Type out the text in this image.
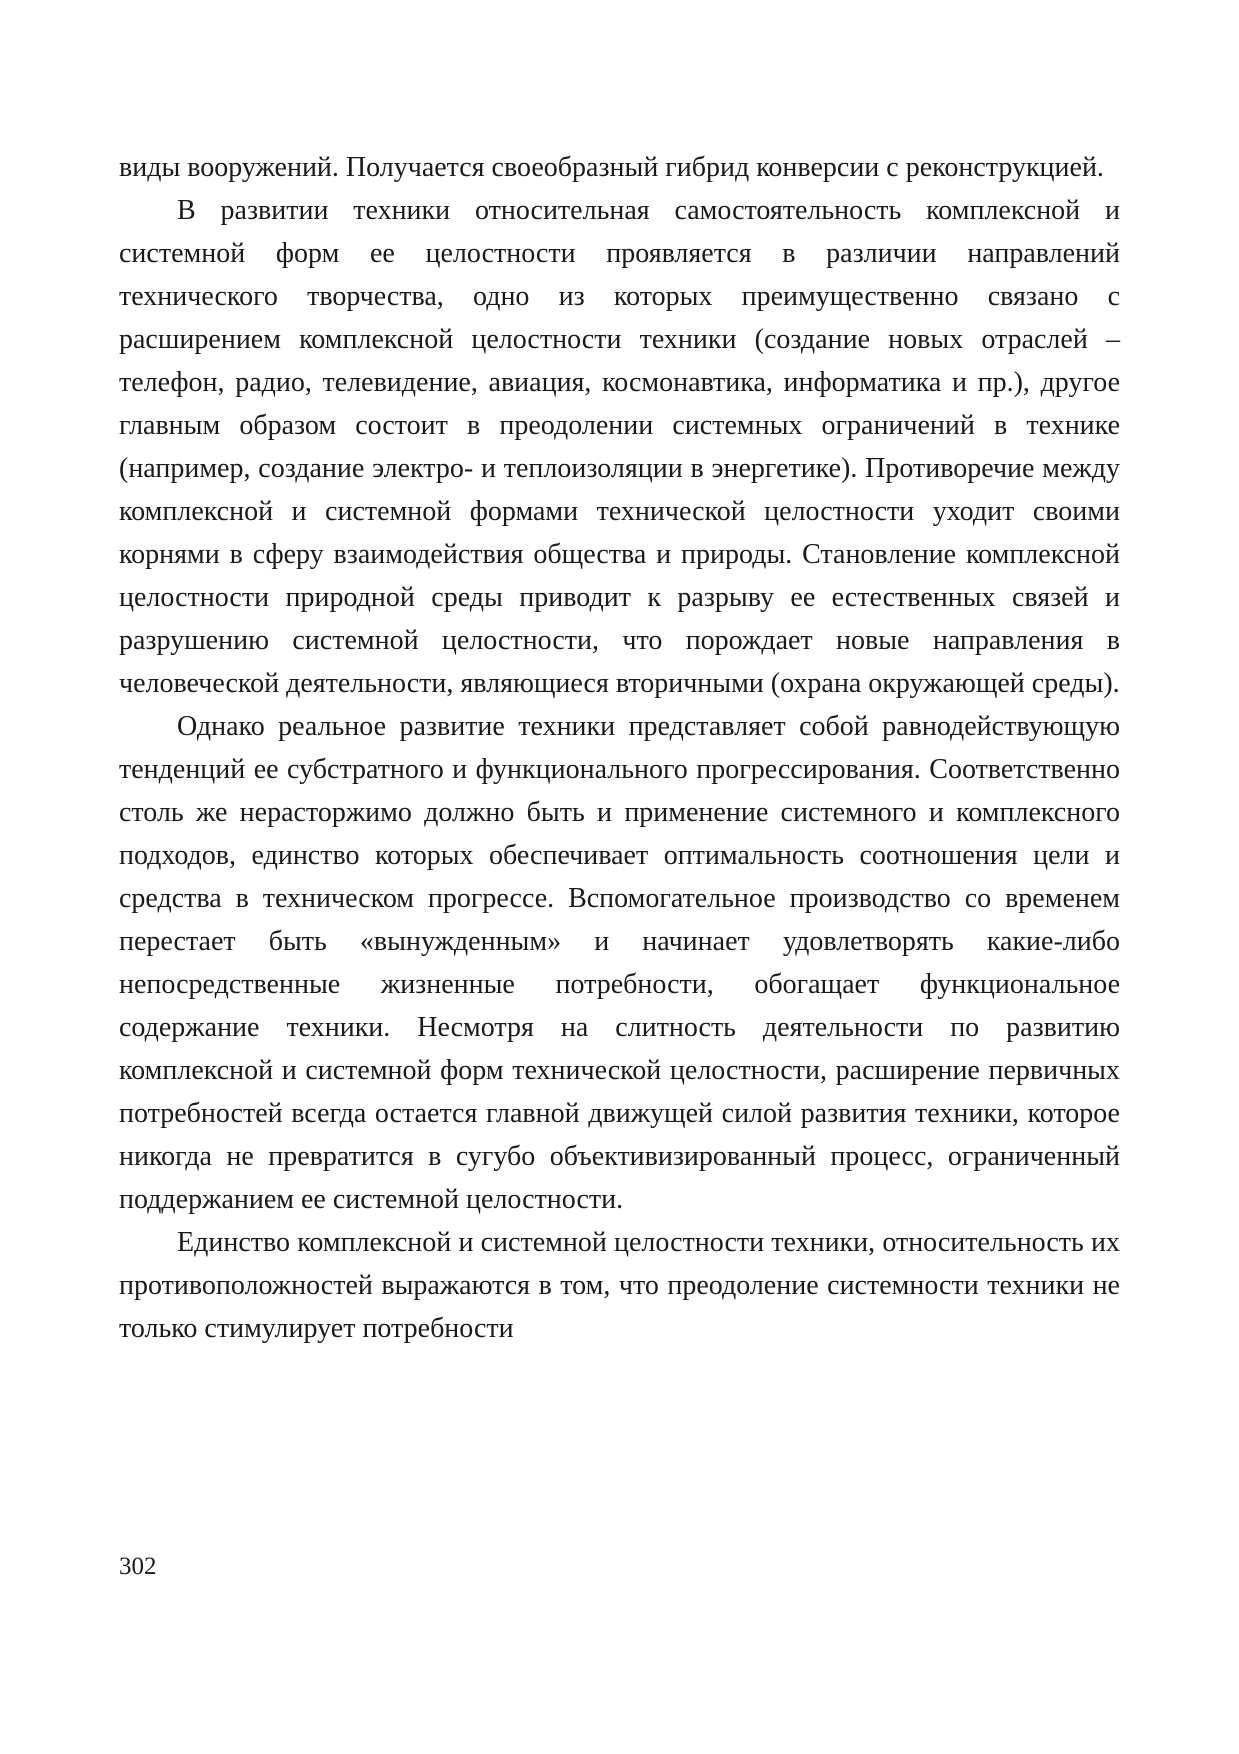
виды вооружений. Получается своеобразный гибрид конверсии с реконструкцией.

В развитии техники относительная самостоятельность комплексной и системной форм ее целостности проявляется в различии направлений технического творчества, одно из которых преимущественно связано с расширением комплексной целостности техники (создание новых отраслей – телефон, радио, телевидение, авиация, космонавтика, информатика и пр.), другое главным образом состоит в преодолении системных ограничений в технике (например, создание электро- и теплоизоляции в энергетике). Противоречие между комплексной и системной формами технической целостности уходит своими корнями в сферу взаимодействия общества и природы. Становление комплексной целостности природной среды приводит к разрыву ее естественных связей и разрушению системной целостности, что порождает новые направления в человеческой деятельности, являющиеся вторичными (охрана окружающей среды).

Однако реальное развитие техники представляет собой равнодействующую тенденций ее субстратного и функционального прогрессирования. Соответственно столь же нерасторжимо должно быть и применение системного и комплексного подходов, единство которых обеспечивает оптимальность соотношения цели и средства в техническом прогрессе. Вспомогательное производство со временем перестает быть «вынужденным» и начинает удовлетворять какие-либо непосредственные жизненные потребности, обогащает функциональное содержание техники. Несмотря на слитность деятельности по развитию комплексной и системной форм технической целостности, расширение первичных потребностей всегда остается главной движущей силой развития техники, которое никогда не превратится в сугубо объективизированный процесс, ограниченный поддержанием ее системной целостности.

Единство комплексной и системной целостности техники, относительность их противоположностей выражаются в том, что преодоление системности техники не только стимулирует потребности

302
